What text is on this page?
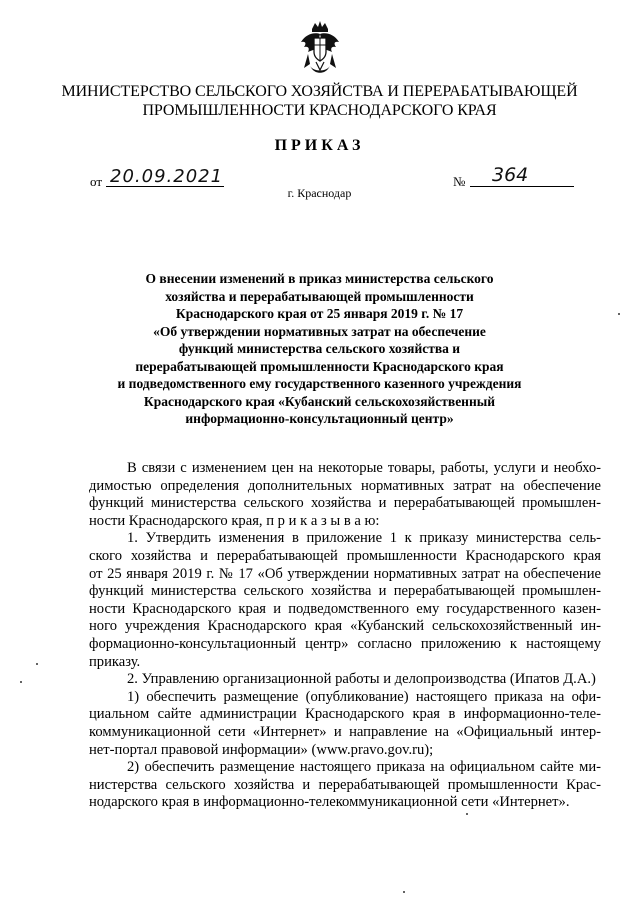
МИНИСТЕРСТВО СЕЛЬСКОГО ХОЗЯЙСТВА И ПЕРЕРАБАТЫВАЮЩЕЙ
ПРОМЫШЛЕННОСТИ КРАСНОДАРСКОГО КРАЯ
ПРИКАЗ
от 20.09.2021	№ 364
г. Краснодар
О внесении изменений в приказ министерства сельского
хозяйства и перерабатывающей промышленности
Краснодарского края от 25 января 2019 г. № 17
«Об утверждении нормативных затрат на обеспечение
функций министерства сельского хозяйства и
перерабатывающей промышленности Краснодарского края
и подведомственного ему государственного казенного учреждения
Краснодарского края «Кубанский сельскохозяйственный
информационно-консультационный центр»
В связи с изменением цен на некоторые товары, работы, услуги и необхо-
димостью определения дополнительных нормативных затрат на обеспечение
функций министерства сельского хозяйства и перерабатывающей промышлен-
ности Краснодарского края, п р и к а з ы в а ю:
1. Утвердить изменения в приложение 1 к приказу министерства сель-
ского хозяйства и перерабатывающей промышленности Краснодарского края
от 25 января 2019 г. № 17 «Об утверждении нормативных затрат на обеспечение
функций министерства сельского хозяйства и перерабатывающей промышлен-
ности Краснодарского края и подведомственного ему государственного казен-
ного учреждения Краснодарского края «Кубанский сельскохозяйственный ин-
формационно-консультационный центр» согласно приложению к настоящему
приказу.
2. Управлению организационной работы и делопроизводства (Ипатов Д.А.)
1) обеспечить размещение (опубликование) настоящего приказа на офи-
циальном сайте администрации Краснодарского края в информационно-теле-
коммуникационной сети «Интернет» и направление на «Официальный интер-
нет-портал правовой информации» (www.pravo.gov.ru);
2) обеспечить размещение настоящего приказа на официальном сайте ми-
нистерства сельского хозяйства и перерабатывающей промышленности Крас-
нодарского края в информационно-телекоммуникационной сети «Интернет».
